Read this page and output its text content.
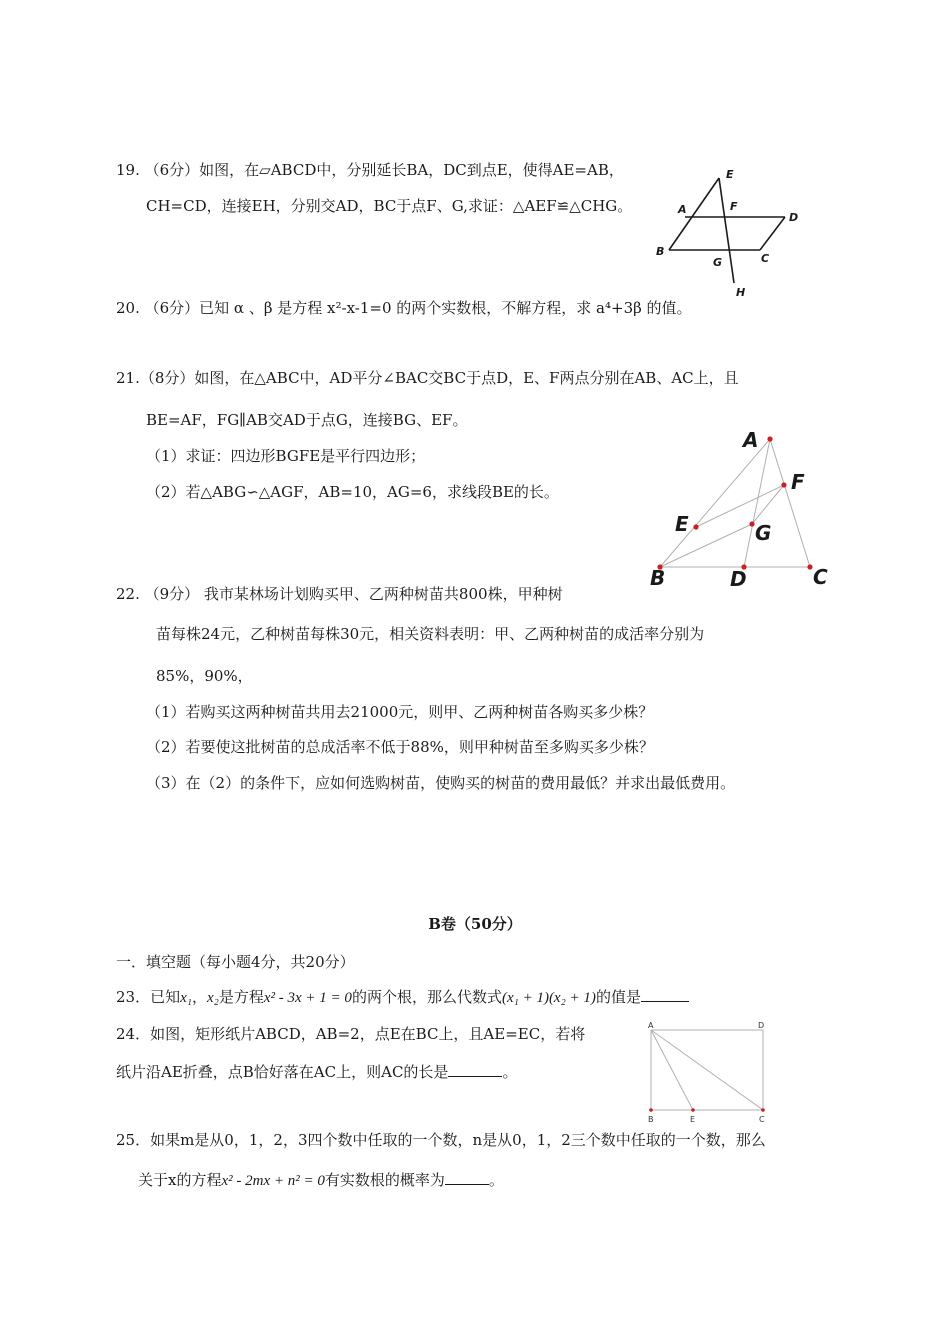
19. （6分）如图，在▱ABCD中，分别延长BA，DC到点E，使得AE=AB，
CH=CD，连接EH，分别交AD，BC于点F、G,求证：△AEF≌△CHG。
E
A	F
D
B
G	C
H
20. （6分）已知 α 、β 是方程 x²-x-1=0 的两个实数根，不解方程，求 a⁴+3β 的值。
21.（8分）如图，在△ABC中，AD平分∠BAC交BC于点D，E、F两点分别在AB、AC上，且
BE=AF，FG∥AB交AD于点G，连接BG、EF。
（1）求证：四边形BGFE是平行四边形；
（2）若△ABG∽△AGF，AB=10，AG=6，求线段BE的长。
A
F
E	G
B	D	C
22. （9分） 我市某林场计划购买甲、乙两种树苗共800株，甲种树
苗每株24元，乙种树苗每株30元，相关资料表明：甲、乙两种树苗的成活率分别为
85%，90%，
（1）若购买这两种树苗共用去21000元，则甲、乙两种树苗各购买多少株？
（2）若要使这批树苗的总成活率不低于88%，则甲种树苗至多购买多少株？
（3）在（2）的条件下，应如何选购树苗，使购买的树苗的费用最低？并求出最低费用。
B卷（50分）
一．填空题（每小题4分，共20分）
23．已知x₁，x₂是方程x² - 3x + 1 = 0的两个根，那么代数式(x₁ + 1)(x₂ + 1)的值是
24．如图，矩形纸片ABCD，AB=2，点E在BC上，且AE=EC，若将
纸片沿AE折叠，点B恰好落在AC上，则AC的长是	。
A	D
B	E	C
25．如果m是从0，1，2，3四个数中任取的一个数，n是从0，1，2三个数中任取的一个数，那么
关于x的方程x² - 2mx + n² = 0有实数根的概率为	。
